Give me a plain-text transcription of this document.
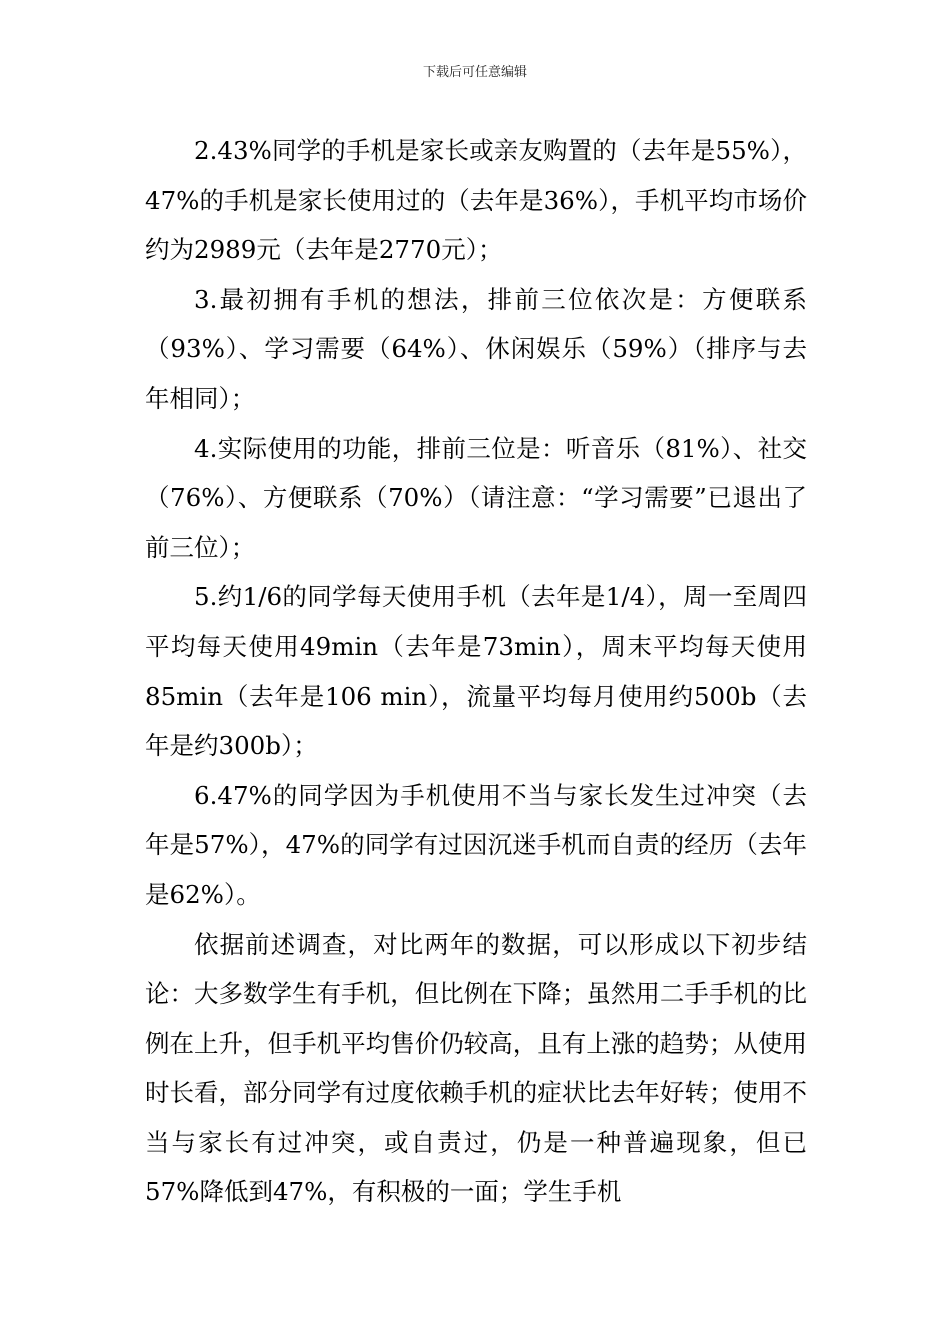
下载后可任意编辑

2.43%同学的手机是家长或亲友购置的（去年是55%），47%的手机是家长使用过的（去年是36%），手机平均市场价约为2989元（去年是2770元）；

3.最初拥有手机的想法，排前三位依次是：方便联系（93%）、学习需要（64%）、休闲娱乐（59%）（排序与去年相同）；

4.实际使用的功能，排前三位是：听音乐（81%）、社交（76%）、方便联系（70%）（请注意：“学习需要”已退出了前三位）；

5.约1/6的同学每天使用手机（去年是1/4），周一至周四平均每天使用49min（去年是73min），周末平均每天使用85min（去年是106 min），流量平均每月使用约500b（去年是约300b）；

6.47%的同学因为手机使用不当与家长发生过冲突（去年是57%），47%的同学有过因沉迷手机而自责的经历（去年是62%）。

依据前述调查，对比两年的数据，可以形成以下初步结论：大多数学生有手机，但比例在下降；虽然用二手手机的比例在上升，但手机平均售价仍较高，且有上涨的趋势；从使用时长看，部分同学有过度依赖手机的症状比去年好转；使用不当与家长有过冲突，或自责过，仍是一种普遍现象，但已57%降低到47%，有积极的一面；学生手机
